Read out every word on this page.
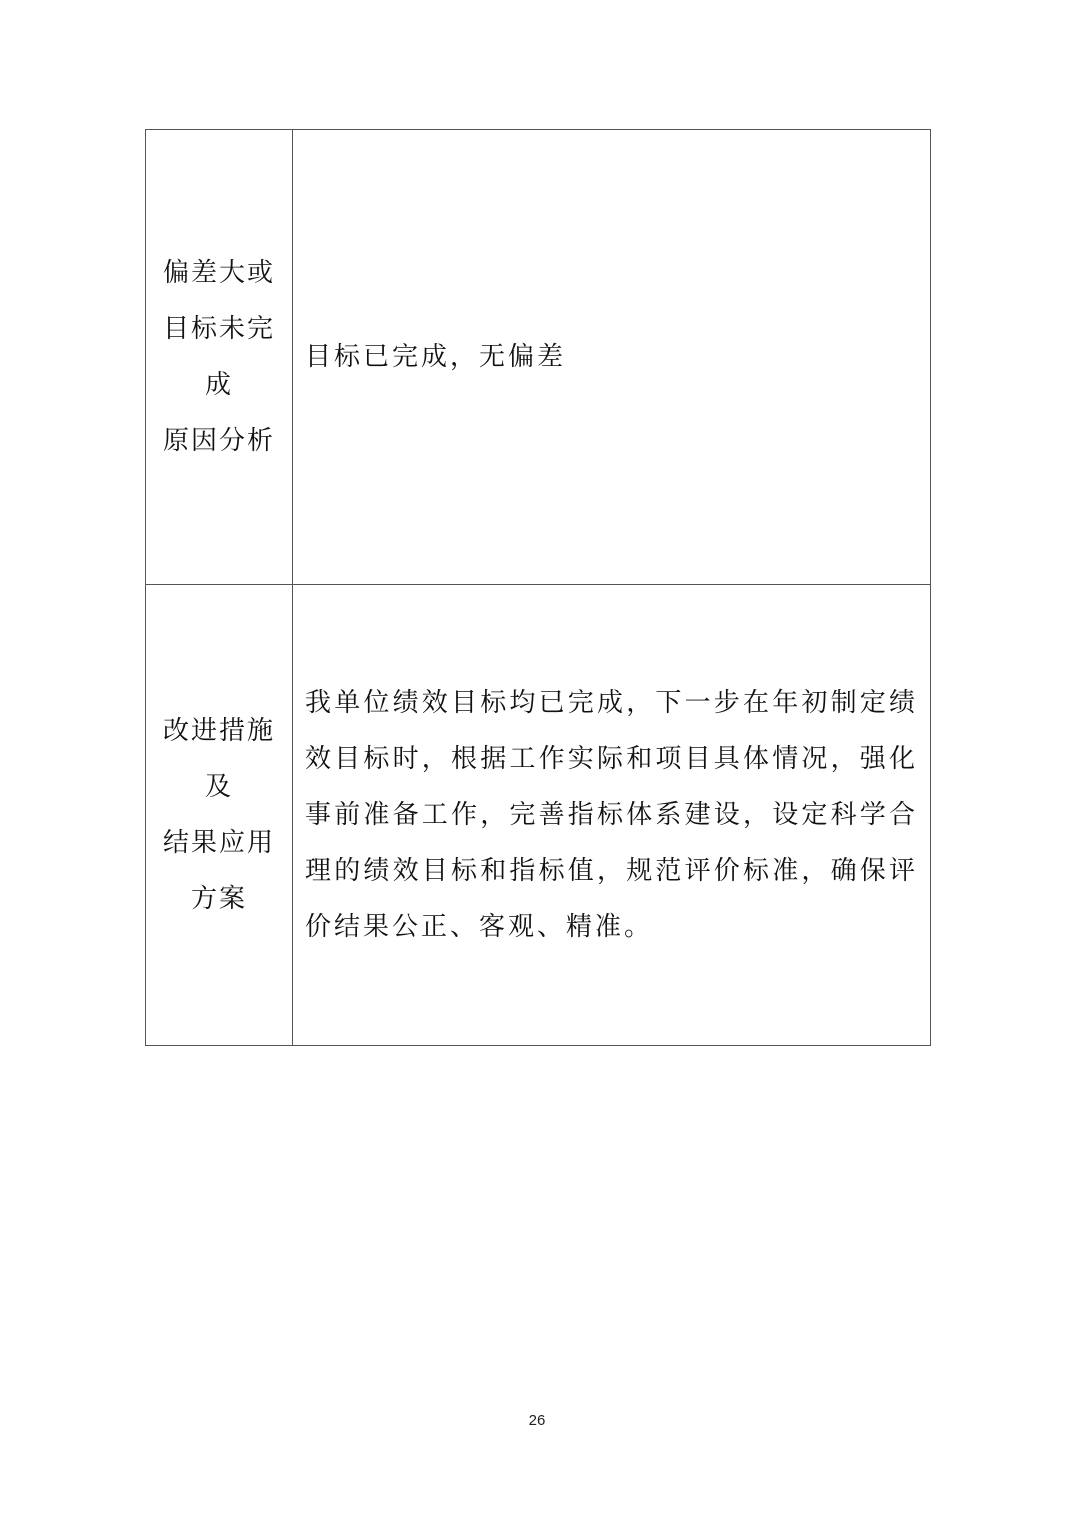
偏差大或
目标未完
成
原因分析	目标已完成，无偏差

改进措施
及
结果应用
方案	我单位绩效目标均已完成，下一步在年初制定绩效目标时，根据工作实际和项目具体情况，强化事前准备工作，完善指标体系建设，设定科学合理的绩效目标和指标值，规范评价标准，确保评价结果公正、客观、精准。

26
